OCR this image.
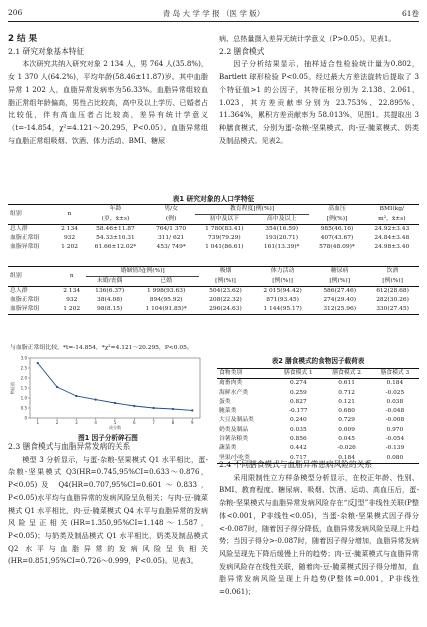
206	青 岛 大 学 学 报 （医 学 版）	61卷

2 结 果

2.1 研究对象基本特征

本次研究共纳入研究对象 2 134 人，男 764 人(35.8%)，女 1 370 人(64.2%)，平均年龄(58.46±11.87)岁。其中血脂异常 1 202 人，血脂异常发病率为56.33%。血脂异常组较血脂正常组年龄偏高，男性占比较高，高中及以上学历、已婚者占比较低，伴有高血压者占比较高，差异有统计学意义（t=-14.854，χ²=4.121～20.295，P<0.05）。血脂异常组与血脂正常组吸烟、饮酒、体力活动、BMI、糖尿

病、总热量摄入差异无统计学意义（P>0.05）。见表1。

2.2 膳食模式

因子分析结果显示，抽样适合性检验统计量为0.802，Bartlett 球形检验 P<0.05。经过最大方差法旋转后提取了 3 个特征值>1 的公因子，其特征根分别为 2.138、2.061、1.023，其方差贡献率分别为 23.753%、22.895%、11.364%，累积方差贡献率为 58.013%，见图1。共提取出 3 种膳食模式，分别为蛋-杂粮-坚果模式、肉-豆-腌菜模式、奶类及制品模式。见表2。

表1 研究对象的人口学特征
组别	n	年龄	男/女	教育程度[例(%)]		高血压	BMI(kg/
		(岁，x̄±s)	(例)	初中及以下	高中及以上	[例(%)]	m²，x̄±s)
总人群	2 134	58.46±11.87	764/1 370	1 780(83.41)	354(16.59)	985(46.16)	24.92±3.43
血脂正常组	932	54.33±10.31	311/ 621	739(79.29)	193(20.71)	407(43.67)	24.84±3.48
血脂异常组	1 202	61.66±12.02*	453/ 749*	1 041(86.61)	161(13.39)*	578(48.09)*	24.98±3.40
组别	n	婚姻情况[例(%)]		吸烟	体力活动	糖尿病	饮酒
		未婚/丧偶	已婚	[例(%)]	[例(%)]	[例(%)]	[例(%)]
总人群	2 134	136(6.37)	1 998(93.63)	504(23.62)	2 015(94.42)	586(27.46)	612(28.68)
血脂正常组	932	38(4.08)	894(95.92)	208(22.32)	871(93.45)	274(29.40)	282(30.26)
血脂异常组	1 202	98(8.15)	1 104(91.85)*	296(24.63)	1 144(95.17)	312(25.96)	330(27.45)
与血脂正常组比较，*t=-14.854，*χ²=4.121～20.295，P<0.05。
3.0
2.5
2.0
1.5
1.0
0.5
0
1	2	3	4	5	6	7	8	9
特征值
成分数
图1 因子分析碎石图
表2 膳食模式的食物因子载荷表
食物类别	膳食模式 1	膳食模式 2	膳食模式 3
禽畜肉类	0.274	0.611	0.184
海鲜水产类	0.259	0.712	-0.025
蛋类	0.827	0.121	0.038
腌菜类	-0.177	0.680	-0.048
大豆及制品类	0.240	0.729	-0.008
奶类及制品	0.035	0.009	0.970
谷薯杂粮类	0.856	0.045	-0.054
蔬菜类	0.442	-0.026	-0.139
坚果/小吃类	0.717	0.184	0.080

2.3 膳食模式与血脂异常发病的关系

模型 3 分析显示，与蛋-杂粮-坚果模式 Q1 水平相比，蛋-杂粮-坚果模式 Q3(HR=0.745,95%CI=0.633～0.876，P<0.05)及 Q4(HR=0.707,95%CI=0.601～0.833，P<0.05)水平均与血脂异常的发病风险呈负相关；与肉-豆-腌菜模式 Q1 水平相比，肉-豆-腌菜模式 Q4 水平与血脂异常的发病风险呈正相关(HR=1.350,95%CI=1.148～1.587，P<0.05)；与奶类及制品模式 Q1 水平相比，奶类及制品模式 Q2 水平与血脂异常的发病风险呈负相关(HR=0.851,95%CI=0.726～0.999，P<0.05)。见表3。

2.4 不同膳食模式与血脂异常患病风险的关系

采用限制性立方样条模型分析显示，在校正年龄、性别、BMI、教育程度、糖尿病、吸烟、饮酒、运动、高血压后，蛋-杂粮-坚果模式与血脂异常发病风险存在“反J型”非线性关联(P整体<0.001，P非线性<0.05)，当蛋-杂粮-坚果模式因子得分<-0.087时，随着因子得分降低，血脂异常发病风险呈现上升趋势；当因子得分>-0.087时，随着因子得分增加，血脂异常发病风险呈现先下降后缓慢上升的趋势；肉-豆-腌菜模式与血脂异常发病风险存在线性关联，随着肉-豆-腌菜模式因子得分增加，血脂异常发病风险呈现上升趋势(P整体=0.001，P非线性=0.061)；
